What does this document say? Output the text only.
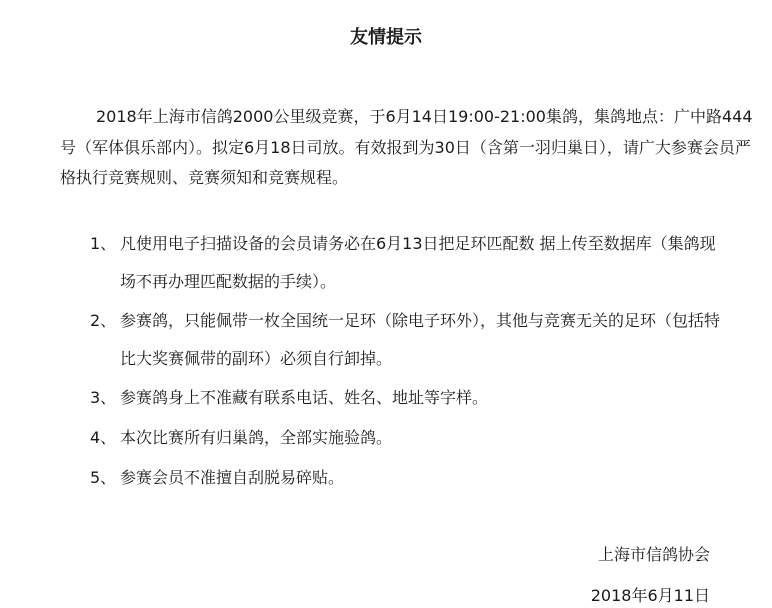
友情提示

2018年上海市信鸽2000公里级竞赛，于6月14日19:00-21:00集鸽，集鸽地点：广中路444号（军体俱乐部内）。拟定6月18日司放。有效报到为30日（含第一羽归巢日），请广大参赛会员严格执行竞赛规则、竞赛须知和竞赛规程。

1、 凡使用电子扫描设备的会员请务必在6月13日把足环匹配数 据上传至数据库（集鸽现场不再办理匹配数据的手续）。

2、 参赛鸽，只能佩带一枚全国统一足环（除电子环外），其他与竞赛无关的足环（包括特比大奖赛佩带的副环）必须自行卸掉。

3、 参赛鸽身上不准藏有联系电话、姓名、地址等字样。

4、 本次比赛所有归巢鸽，全部实施验鸽。

5、 参赛会员不准擅自刮脱易碎贴。

上海市信鸽协会
2018年6月11日
